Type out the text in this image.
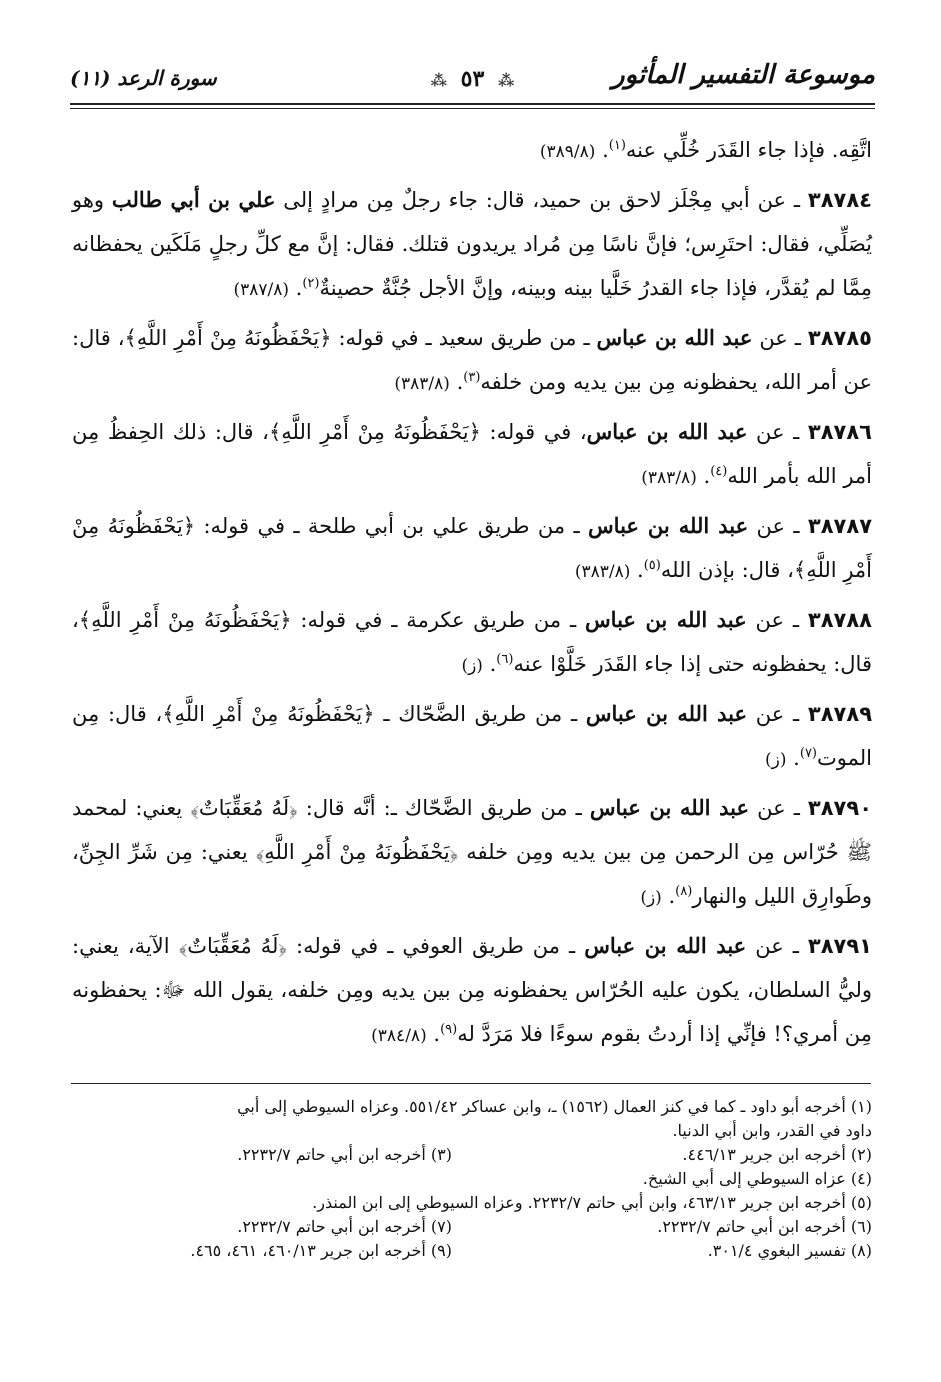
موسوعة التفسير المأثور
⁂ ٥٣ ⁂
سورة الرعد (١١)

اتَّقِه. فإذا جاء القَدَر خُلِّي عنه$^{(١)}$. (٣٨٩/٨)

٣٨٧٨٤ ـ عن أبي مِجْلَز لاحق بن حميد، قال: جاء رجلٌ مِن مرادٍ إلى علي بن أبي طالب وهو يُصَلِّي، فقال: احتَرِس؛ فإنَّ ناسًا مِن مُراد يريدون قتلك. فقال: إنَّ مع كلِّ رجلٍ مَلَكَين يحفظانه مِمَّا لم يُقدَّر، فإذا جاء القدرُ خَلَّيا بينه وبينه، وإنَّ الأجل جُنَّةٌ حصينةٌ$^{(٢)}$. (٣٨٧/٨)

٣٨٧٨٥ ـ عن عبد الله بن عباس ـ من طريق سعيد ـ في قوله: ﴿يَحْفَظُونَهُ مِنْ أَمْرِ اللَّهِ﴾، قال: عن أمر الله، يحفظونه مِن بين يديه ومن خلفه$^{(٣)}$. (٣٨٣/٨)

٣٨٧٨٦ ـ عن عبد الله بن عباس، في قوله: ﴿يَحْفَظُونَهُ مِنْ أَمْرِ اللَّهِ﴾، قال: ذلك الحِفظُ مِن أمر الله بأمر الله$^{(٤)}$. (٣٨٣/٨)

٣٨٧٨٧ ـ عن عبد الله بن عباس ـ من طريق علي بن أبي طلحة ـ في قوله: ﴿يَحْفَظُونَهُ مِنْ أَمْرِ اللَّهِ﴾، قال: بإذن الله$^{(٥)}$. (٣٨٣/٨)

٣٨٧٨٨ ـ عن عبد الله بن عباس ـ من طريق عكرمة ـ في قوله: ﴿يَحْفَظُونَهُ مِنْ أَمْرِ اللَّهِ﴾، قال: يحفظونه حتى إذا جاء القَدَر خَلَّوْا عنه$^{(٦)}$. (ز)

٣٨٧٨٩ ـ عن عبد الله بن عباس ـ من طريق الضَّحّاك ـ ﴿يَحْفَظُونَهُ مِنْ أَمْرِ اللَّهِ﴾، قال: مِن الموت$^{(٧)}$. (ز)

٣٨٧٩٠ ـ عن عبد الله بن عباس ـ من طريق الضَّحّاك ـ: أنَّه قال: ﴿لَهُ مُعَقِّبَاتٌ﴾ يعني: لمحمد ﷺ حُرّاس مِن الرحمن مِن بين يديه ومِن خلفه ﴿يَحْفَظُونَهُ مِنْ أَمْرِ اللَّهِ﴾ يعني: مِن شَرِّ الجِنِّ، وطَوارِق الليل والنهار$^{(٨)}$. (ز)

٣٨٧٩١ ـ عن عبد الله بن عباس ـ من طريق العوفي ـ في قوله: ﴿لَهُ مُعَقِّبَاتٌ﴾ الآية، يعني: وليُّ السلطان، يكون عليه الحُرّاس يحفظونه مِن بين يديه ومِن خلفه، يقول الله ﷻ: يحفظونه مِن أمري؟! فإنِّي إذا أردتُ بقوم سوءًا فلا مَرَدَّ له$^{(٩)}$. (٣٨٤/٨)

(١) أخرجه أبو داود ـ كما في كنز العمال (١٥٦٢) ـ، وابن عساكر ٥٥١/٤٢. وعزاه السيوطي إلى أبي
داود في القدر، وابن أبي الدنيا.
(٢) أخرجه ابن جرير ٤٤٦/١٣.
(٣) أخرجه ابن أبي حاتم ٢٢٣٢/٧.
(٤) عزاه السيوطي إلى أبي الشيخ.
(٥) أخرجه ابن جرير ٤٦٣/١٣، وابن أبي حاتم ٢٢٣٢/٧. وعزاه السيوطي إلى ابن المنذر.
(٦) أخرجه ابن أبي حاتم ٢٢٣٢/٧.
(٧) أخرجه ابن أبي حاتم ٢٢٣٢/٧.
(٨) تفسير البغوي ٣٠١/٤.
(٩) أخرجه ابن جرير ٤٦٠/١٣، ٤٦١، ٤٦٥.
